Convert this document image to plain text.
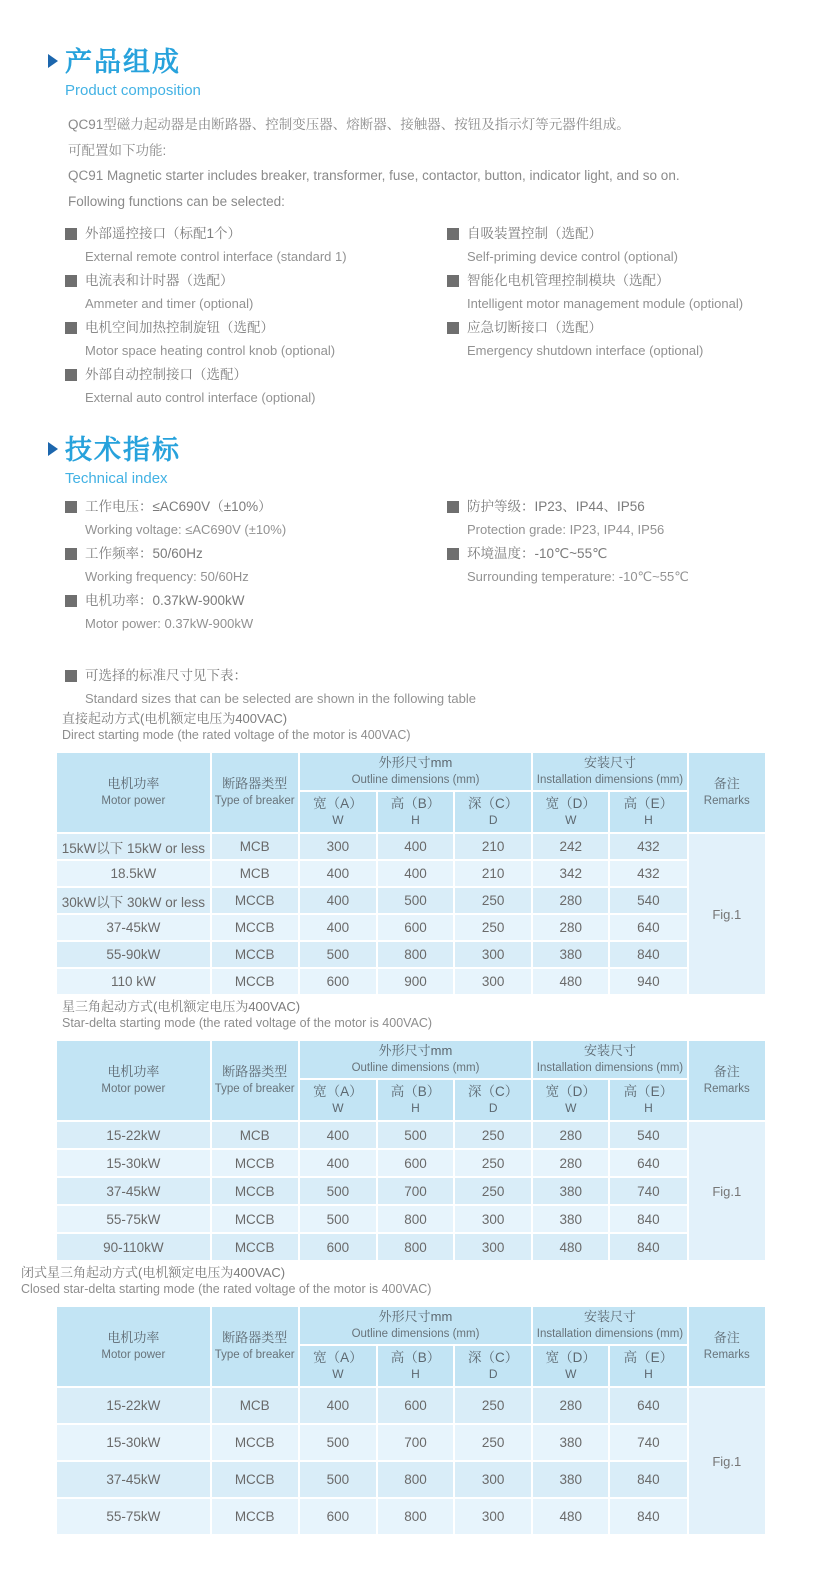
产品组成
Product composition

QC91型磁力起动器是由断路器、控制变压器、熔断器、接触器、按钮及指示灯等元器件组成。

可配置如下功能:

QC91 Magnetic starter includes breaker, transformer, fuse, contactor, button, indicator light, and so on.

Following functions can be selected:

外部遥控接口（标配1个）
External remote control interface (standard 1)
电流表和计时器（选配）
Ammeter and timer (optional)
电机空间加热控制旋钮（选配）
Motor space heating control knob (optional)
外部自动控制接口（选配）
External auto control interface (optional)
自吸装置控制（选配）
Self-priming device control (optional)
智能化电机管理控制模块（选配）
Intelligent motor management module (optional)
应急切断接口（选配）
Emergency shutdown interface (optional)
技术指标
Technical index
工作电压：≤AC690V（±10%）
Working voltage: ≤AC690V (±10%)
工作频率：50/60Hz
Working frequency: 50/60Hz
电机功率：0.37kW-900kW
Motor power: 0.37kW-900kW
防护等级：IP23、IP44、IP56
Protection grade: IP23, IP44, IP56
环境温度：-10℃~55℃
Surrounding temperature: -10℃~55℃
可选择的标准尺寸见下表：
Standard sizes that can be selected are shown in the following table
直接起动方式(电机额定电压为400VAC)
Direct starting mode (the rated voltage of the motor is 400VAC)
电机功率
Motor power	断路器类型
Type of breaker	外形尺寸mm
Outline dimensions (mm)			安装尺寸
Installation dimensions (mm)		备注
Remarks
		宽（A）
W	高（B）
H	深（C）
D	宽（D）
W	高（E）
H	
15kW以下 15kW or less	MCB	300	400	210	242	432	Fig.1
18.5kW	MCB	400	400	210	342	432	
30kW以下 30kW or less	MCCB	400	500	250	280	540	
37-45kW	MCCB	400	600	250	280	640	
55-90kW	MCCB	500	800	300	380	840	
110 kW	MCCB	600	900	300	480	940	
星三角起动方式(电机额定电压为400VAC)
Star-delta starting mode (the rated voltage of the motor is 400VAC)
电机功率
Motor power	断路器类型
Type of breaker	外形尺寸mm
Outline dimensions (mm)			安装尺寸
Installation dimensions (mm)		备注
Remarks
		宽（A）
W	高（B）
H	深（C）
D	宽（D）
W	高（E）
H	
15-22kW	MCB	400	500	250	280	540	Fig.1
15-30kW	MCCB	400	600	250	280	640	
37-45kW	MCCB	500	700	250	380	740	
55-75kW	MCCB	500	800	300	380	840	
90-110kW	MCCB	600	800	300	480	840	
闭式星三角起动方式(电机额定电压为400VAC)
Closed star-delta starting mode (the rated voltage of the motor is 400VAC)
电机功率
Motor power	断路器类型
Type of breaker	外形尺寸mm
Outline dimensions (mm)			安装尺寸
Installation dimensions (mm)		备注
Remarks
		宽（A）
W	高（B）
H	深（C）
D	宽（D）
W	高（E）
H	
15-22kW	MCB	400	600	250	280	640	Fig.1
15-30kW	MCCB	500	700	250	380	740	
37-45kW	MCCB	500	800	300	380	840	
55-75kW	MCCB	600	800	300	480	840	
